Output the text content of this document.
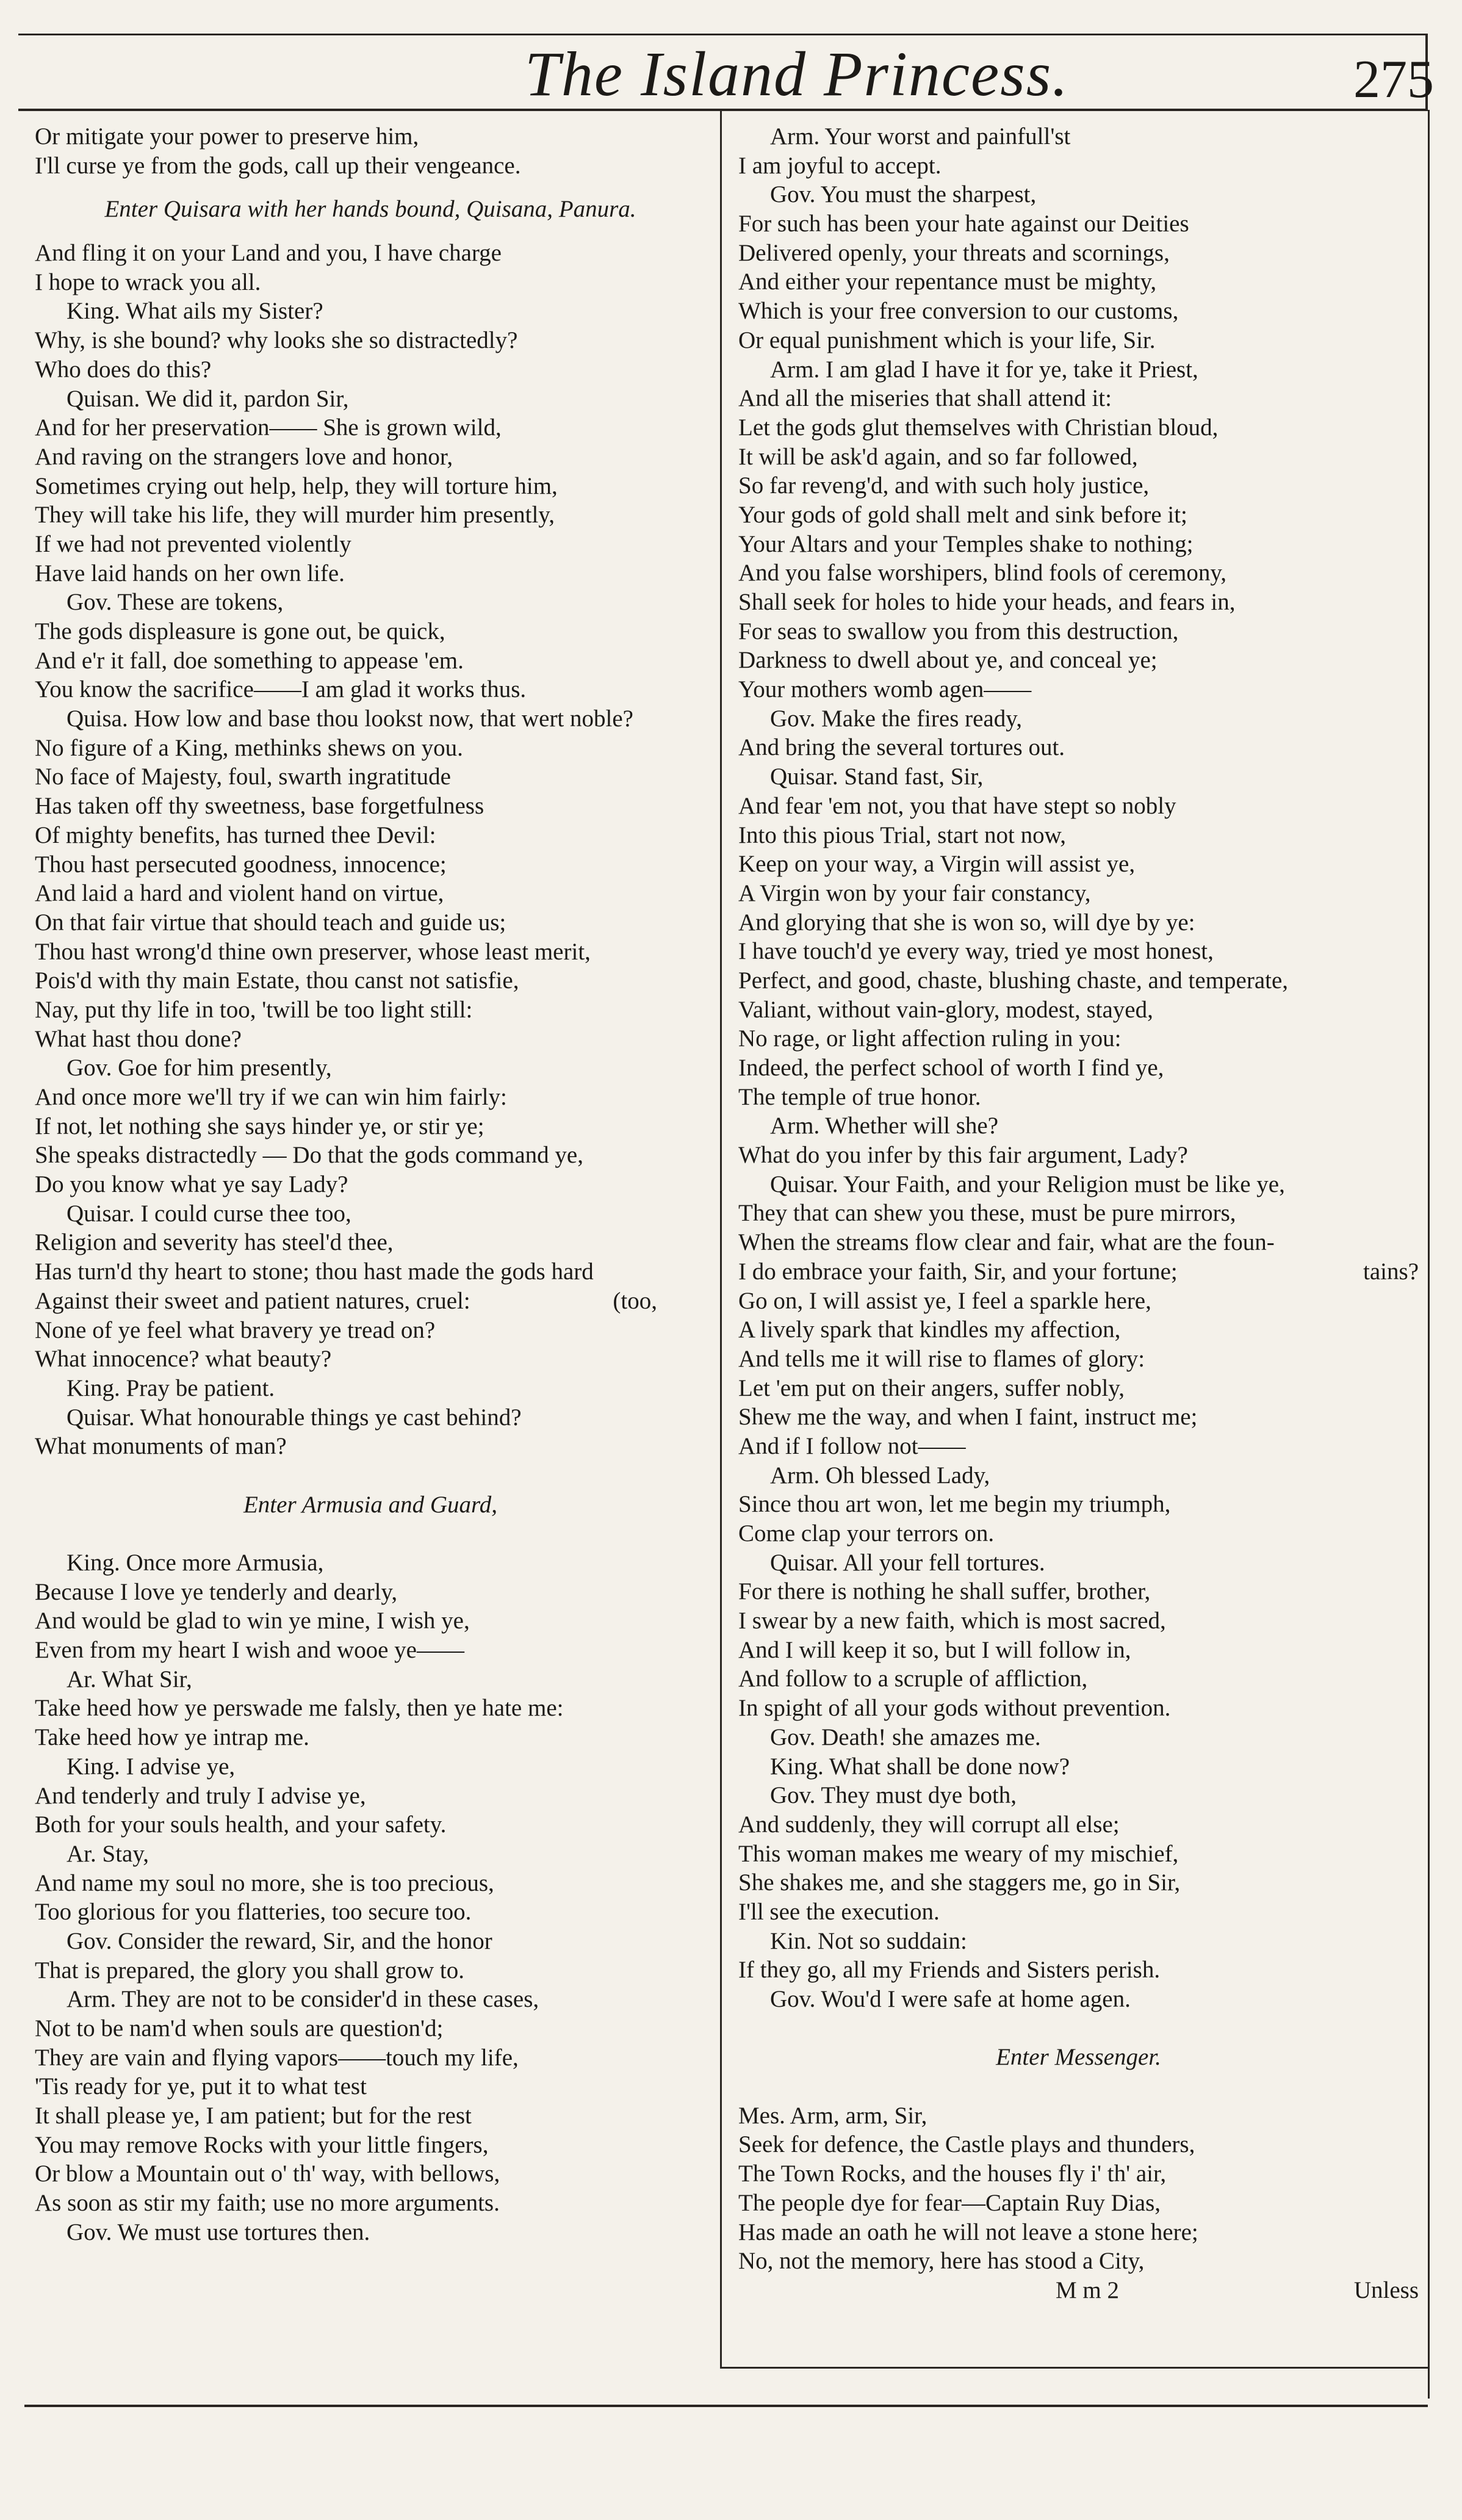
The Island Princess.	275
Or mitigate your power to preserve him,
I'll curse ye from the gods, call up their vengeance.
Enter Quisara with her hands bound, Quisana, Panura.
And fling it on your Land and you, I have charge
I hope to wrack you all.
King. What ails my Sister?
Why, is she bound? why looks she so distractedly?
Who does do this?
Quisan. We did it, pardon Sir,
And for her preservation—— She is grown wild,
And raving on the strangers love and honor,
Sometimes crying out help, help, they will torture him,
They will take his life, they will murder him presently,
If we had not prevented violently
Have laid hands on her own life.
Gov. These are tokens,
The gods displeasure is gone out, be quick,
And e'r it fall, doe something to appease 'em.
You know the sacrifice——I am glad it works thus.
Quisa. How low and base thou lookst now, that wert noble?
No figure of a King, methinks shews on you.
No face of Majesty, foul, swarth ingratitude
Has taken off thy sweetness, base forgetfulness
Of mighty benefits, has turned thee Devil:
Thou hast persecuted goodness, innocence;
And laid a hard and violent hand on virtue,
On that fair virtue that should teach and guide us;
Thou hast wrong'd thine own preserver, whose least merit,
Pois'd with thy main Estate, thou canst not satisfie,
Nay, put thy life in too, 'twill be too light still:
What hast thou done?
Gov. Goe for him presently,
And once more we'll try if we can win him fairly:
If not, let nothing she says hinder ye, or stir ye;
She speaks distractedly — Do that the gods command ye,
Do you know what ye say Lady?
Quisar. I could curse thee too,
Religion and severity has steel'd thee,
Has turn'd thy heart to stone; thou hast made the gods hard
Against their sweet and patient natures, cruel:	(too,
None of ye feel what bravery ye tread on?
What innocence? what beauty?
King. Pray be patient.
Quisar. What honourable things ye cast behind?
What monuments of man?
Enter Armusia and Guard,
King. Once more Armusia,
Because I love ye tenderly and dearly,
And would be glad to win ye mine, I wish ye,
Even from my heart I wish and wooe ye——
Ar. What Sir,
Take heed how ye perswade me falsly, then ye hate me:
Take heed how ye intrap me.
King. I advise ye,
And tenderly and truly I advise ye,
Both for your souls health, and your safety.
Ar. Stay,
And name my soul no more, she is too precious,
Too glorious for you flatteries, too secure too.
Gov. Consider the reward, Sir, and the honor
That is prepared, the glory you shall grow to.
Arm. They are not to be consider'd in these cases,
Not to be nam'd when souls are question'd;
They are vain and flying vapors——touch my life,
'Tis ready for ye, put it to what test
It shall please ye, I am patient; but for the rest
You may remove Rocks with your little fingers,
Or blow a Mountain out o' th' way, with bellows,
As soon as stir my faith; use no more arguments.
Gov. We must use tortures then.
Arm. Your worst and painfull'st
I am joyful to accept.
Gov. You must the sharpest,
For such has been your hate against our Deities
Delivered openly, your threats and scornings,
And either your repentance must be mighty,
Which is your free conversion to our customs,
Or equal punishment which is your life, Sir.
Arm. I am glad I have it for ye, take it Priest,
And all the miseries that shall attend it:
Let the gods glut themselves with Christian bloud,
It will be ask'd again, and so far followed,
So far reveng'd, and with such holy justice,
Your gods of gold shall melt and sink before it;
Your Altars and your Temples shake to nothing;
And you false worshipers, blind fools of ceremony,
Shall seek for holes to hide your heads, and fears in,
For seas to swallow you from this destruction,
Darkness to dwell about ye, and conceal ye;
Your mothers womb agen——
Gov. Make the fires ready,
And bring the several tortures out.
Quisar. Stand fast, Sir,
And fear 'em not, you that have stept so nobly
Into this pious Trial, start not now,
Keep on your way, a Virgin will assist ye,
A Virgin won by your fair constancy,
And glorying that she is won so, will dye by ye:
I have touch'd ye every way, tried ye most honest,
Perfect, and good, chaste, blushing chaste, and temperate,
Valiant, without vain-glory, modest, stayed,
No rage, or light affection ruling in you:
Indeed, the perfect school of worth I find ye,
The temple of true honor.
Arm. Whether will she?
What do you infer by this fair argument, Lady?
Quisar. Your Faith, and your Religion must be like ye,
They that can shew you these, must be pure mirrors,
When the streams flow clear and fair, what are the foun-
I do embrace your faith, Sir, and your fortune;	tains?
Go on, I will assist ye, I feel a sparkle here,
A lively spark that kindles my affection,
And tells me it will rise to flames of glory:
Let 'em put on their angers, suffer nobly,
Shew me the way, and when I faint, instruct me;
And if I follow not——
Arm. Oh blessed Lady,
Since thou art won, let me begin my triumph,
Come clap your terrors on.
Quisar. All your fell tortures.
For there is nothing he shall suffer, brother,
I swear by a new faith, which is most sacred,
And I will keep it so, but I will follow in,
And follow to a scruple of affliction,
In spight of all your gods without prevention.
Gov. Death! she amazes me.
King. What shall be done now?
Gov. They must dye both,
And suddenly, they will corrupt all else;
This woman makes me weary of my mischief,
She shakes me, and she staggers me, go in Sir,
I'll see the execution.
Kin. Not so suddain:
If they go, all my Friends and Sisters perish.
Gov. Wou'd I were safe at home agen.
Enter Messenger.
Mes. Arm, arm, Sir,
Seek for defence, the Castle plays and thunders,
The Town Rocks, and the houses fly i' th' air,
The people dye for fear—Captain Ruy Dias,
Has made an oath he will not leave a stone here;
No, not the memory, here has stood a City,
M m 2	Unless
